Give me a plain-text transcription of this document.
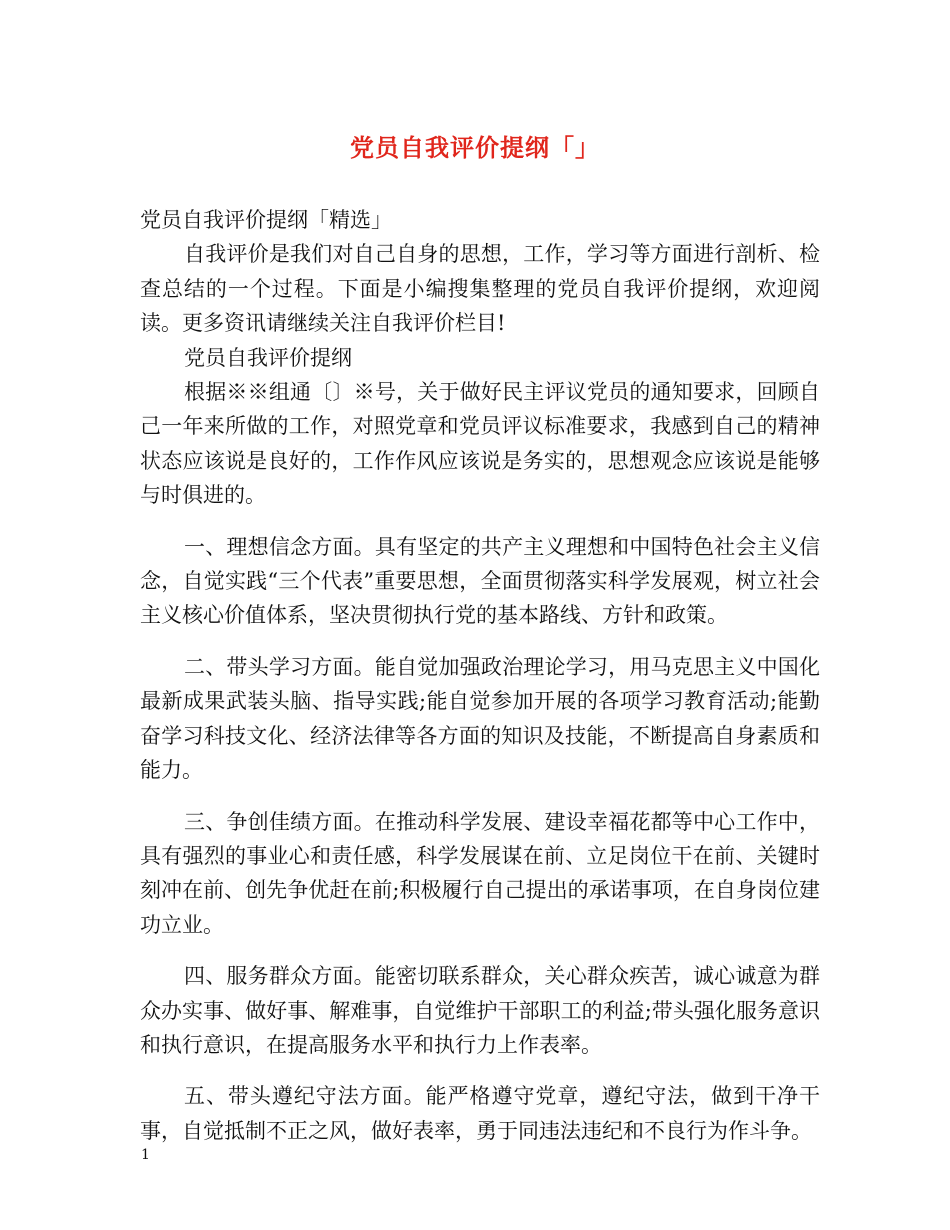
党员自我评价提纲「」

党员自我评价提纲「精选」

自我评价是我们对自己自身的思想，工作，学习等方面进行剖析、检查总结的一个过程。下面是小编搜集整理的党员自我评价提纲，欢迎阅读。更多资讯请继续关注自我评价栏目!

党员自我评价提纲

根据※※组通〔〕※号，关于做好民主评议党员的通知要求，回顾自己一年来所做的工作，对照党章和党员评议标准要求，我感到自己的精神状态应该说是良好的，工作作风应该说是务实的，思想观念应该说是能够与时俱进的。

一、理想信念方面。具有坚定的共产主义理想和中国特色社会主义信念，自觉实践“三个代表”重要思想，全面贯彻落实科学发展观，树立社会主义核心价值体系，坚决贯彻执行党的基本路线、方针和政策。

二、带头学习方面。能自觉加强政治理论学习，用马克思主义中国化最新成果武装头脑、指导实践;能自觉参加开展的各项学习教育活动;能勤奋学习科技文化、经济法律等各方面的知识及技能，不断提高自身素质和能力。

三、争创佳绩方面。在推动科学发展、建设幸福花都等中心工作中，具有强烈的事业心和责任感，科学发展谋在前、立足岗位干在前、关键时刻冲在前、创先争优赶在前;积极履行自己提出的承诺事项，在自身岗位建功立业。

四、服务群众方面。能密切联系群众，关心群众疾苦，诚心诚意为群众办实事、做好事、解难事，自觉维护干部职工的利益;带头强化服务意识和执行意识，在提高服务水平和执行力上作表率。

五、带头遵纪守法方面。能严格遵守党章，遵纪守法，做到干净干事，自觉抵制不正之风，做好表率，勇于同违法违纪和不良行为作斗争。

1
